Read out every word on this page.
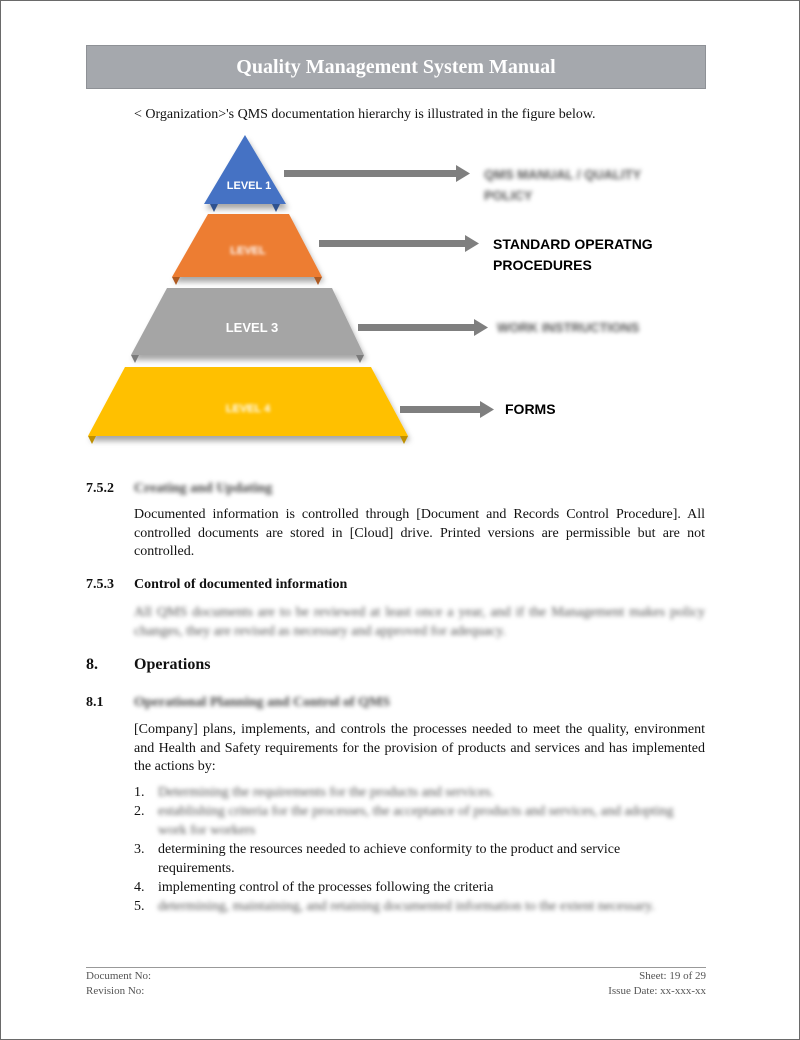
Quality Management System Manual
< Organization>'s QMS documentation hierarchy is illustrated in the figure below.
LEVEL 1
LEVEL
LEVEL 3
LEVEL 4
QMS MANUAL / QUALITY
POLICY
STANDARD OPERATNG
PROCEDURES
WORK INSTRUCTIONS
FORMS
7.5.2 Creating and Updating
Documented information is controlled through [Document and Records Control Procedure]. All controlled documents are stored in [Cloud] drive. Printed versions are permissible but are not controlled.
7.5.3 Control of documented information
All QMS documents are to be reviewed at least once a year, and if the Management makes policy changes, they are revised as necessary and approved for adequacy.
8. Operations
8.1 Operational Planning and Control of QMS
[Company] plans, implements, and controls the processes needed to meet the quality, environment and Health and Safety requirements for the provision of products and services and has implemented the actions by:
1. Determining the requirements for the products and services.
2. establishing criteria for the processes, the acceptance of products and services, and adopting work for workers
3. determining the resources needed to achieve conformity to the product and service requirements.
4. implementing control of the processes following the criteria
5. determining, maintaining, and retaining documented information to the extent necessary.
Document No:
Revision No:
Sheet: 19 of 29
Issue Date: xx-xxx-xx
